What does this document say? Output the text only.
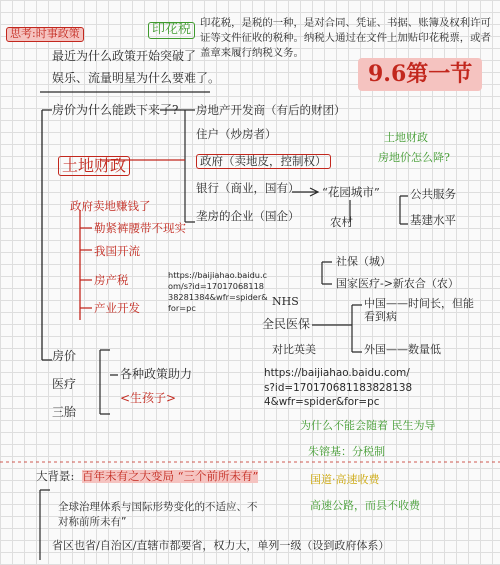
思考:时事政策
最近为什么政策开始突破了
娱乐、流量明星为什么要难了。
印花税 印花税，是税的一种，是对合同、凭证、书据、账簿及权利许可证等文件征收的税种。纳税人通过在文件上加贴印花税票，或者盖章来履行纳税义务。
9.6第一节
房价为什么能跌下来了? 房地产开发商（有后的财团）
住户（炒房者）
政府（卖地皮，控制权）
银行（商业，国有）
垄房的企业（国企）
土地财政
土地财政
房地价怎么降?
“花园城市”
农村
公共服务
基建水平
政府卖地赚钱了
勒紧裤腰带不现实
我国开流
房产税
产业开发
https://baijiahao.baidu.com/s?id=1701706811838281384&wfr=spider&for=pc
社保（城）
国家医疗->新农合（农）
NHS
全民医保
对比英美
中国——时间长，但能看到病
外国——数量低
房价
医疗
三胎
各种政策助力
<生孩子>
https://baijiahao.baidu.com/s?id=1701706811838281384&wfr=spider&for=pc
为什么不能会随着 民生为导
朱镕基：分税制
国道·高速收费
高速公路，而县不收费
大背景: 百年未有之大变局 “三个前所未有”
全球治理体系与国际形势变化的不适应、不对称前所未有”
省区也省/自治区/直辖市都要省，权力大，单列一级（设到政府体系）
